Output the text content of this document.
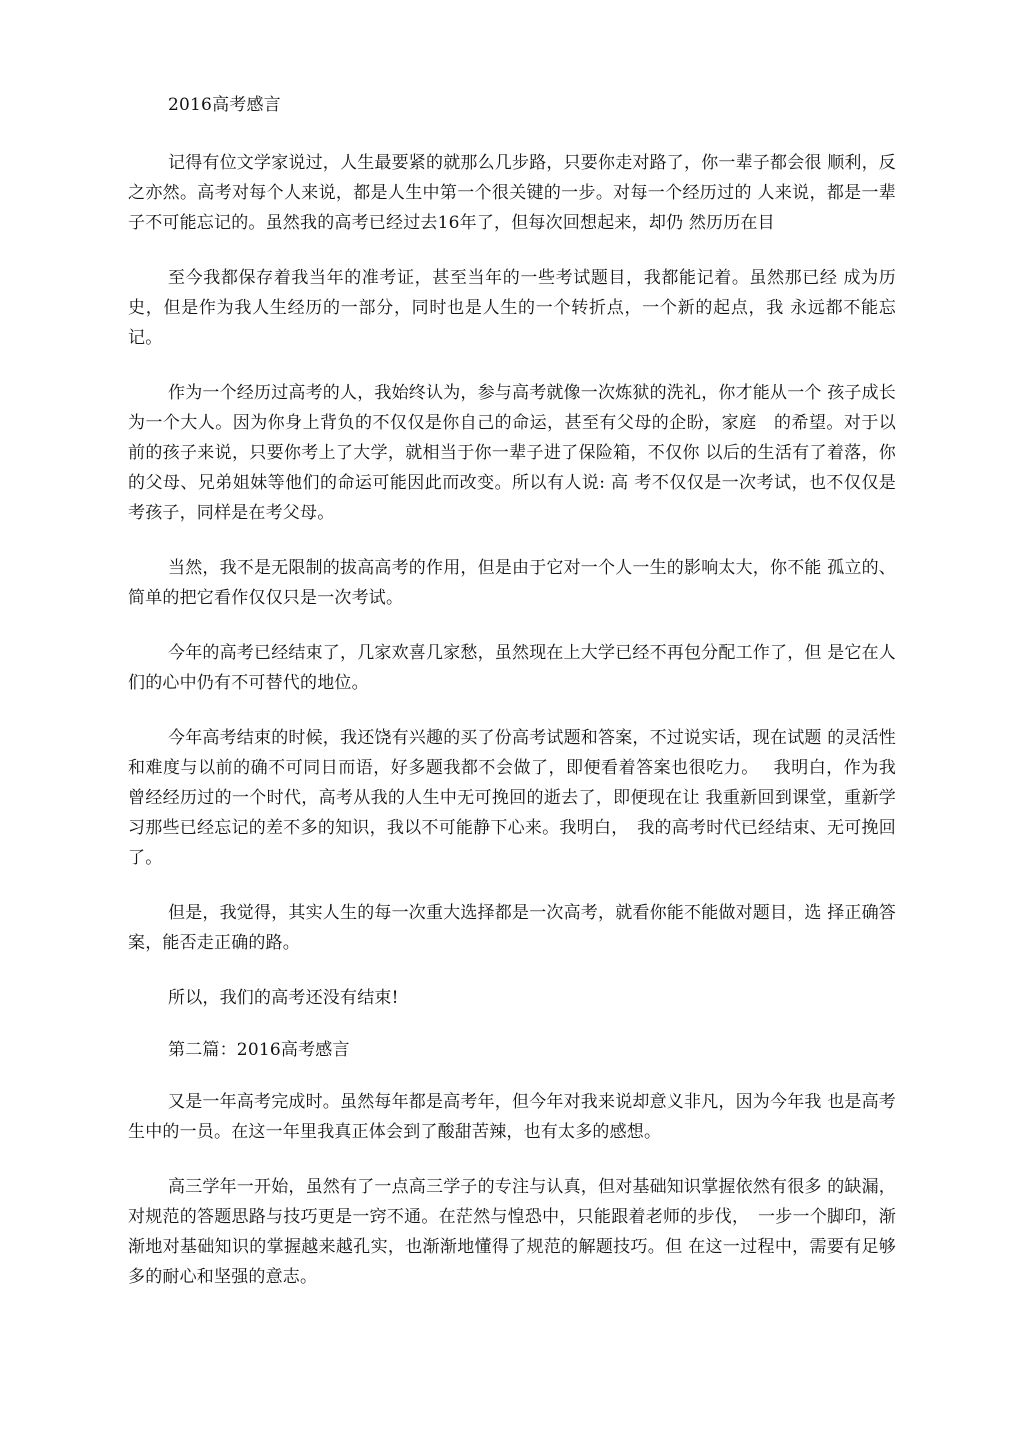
2016高考感言

记得有位文学家说过，人生最要紧的就那么几步路，只要你走对路了，你一辈子都会很 顺利，反之亦然。高考对每个人来说，都是人生中第一个很关键的一步。对每一个经历过的 人来说，都是一辈子不可能忘记的。虽然我的高考已经过去16年了，但每次回想起来，却仍 然历历在目

至今我都保存着我当年的准考证，甚至当年的一些考试题目，我都能记着。虽然那已经 成为历史，但是作为我人生经历的一部分，同时也是人生的一个转折点，一个新的起点，我 永远都不能忘记。

作为一个经历过高考的人，我始终认为，参与高考就像一次炼狱的洗礼，你才能从一个 孩子成长为一个大人。因为你身上背负的不仅仅是你自己的命运，甚至有父母的企盼，家庭　的希望。对于以前的孩子来说，只要你考上了大学，就相当于你一辈子进了保险箱，不仅你 以后的生活有了着落，你的父母、兄弟姐妹等他们的命运可能因此而改变。所以有人说: 高 考不仅仅是一次考试，也不仅仅是考孩子，同样是在考父母。

当然，我不是无限制的拔高高考的作用，但是由于它对一个人一生的影响太大，你不能 孤立的、简单的把它看作仅仅只是一次考试。

今年的高考已经结束了，几家欢喜几家愁，虽然现在上大学已经不再包分配工作了，但 是它在人们的心中仍有不可替代的地位。

今年高考结束的时候，我还饶有兴趣的买了份高考试题和答案，不过说实话，现在试题 的灵活性和难度与以前的确不可同日而语，好多题我都不会做了，即便看着答案也很吃力。　 我明白，作为我曾经经历过的一个时代，高考从我的人生中无可挽回的逝去了，即便现在让 我重新回到课堂，重新学习那些已经忘记的差不多的知识，我以不可能静下心来。我明白，　我的高考时代已经结束、无可挽回了。

但是，我觉得，其实人生的每一次重大选择都是一次高考，就看你能不能做对题目，选 择正确答案，能否走正确的路。

所以，我们的高考还没有结束!

第二篇：2016高考感言

又是一年高考完成时。虽然每年都是高考年，但今年对我来说却意义非凡，因为今年我 也是高考生中的一员。在这一年里我真正体会到了酸甜苦辣，也有太多的感想。

高三学年一开始，虽然有了一点高三学子的专注与认真，但对基础知识掌握依然有很多 的缺漏，对规范的答题思路与技巧更是一窍不通。在茫然与惶恐中，只能跟着老师的步伐，　一步一个脚印，渐渐地对基础知识的掌握越来越孔实，也渐渐地懂得了规范的解题技巧。但 在这一过程中，需要有足够多的耐心和坚强的意志。
